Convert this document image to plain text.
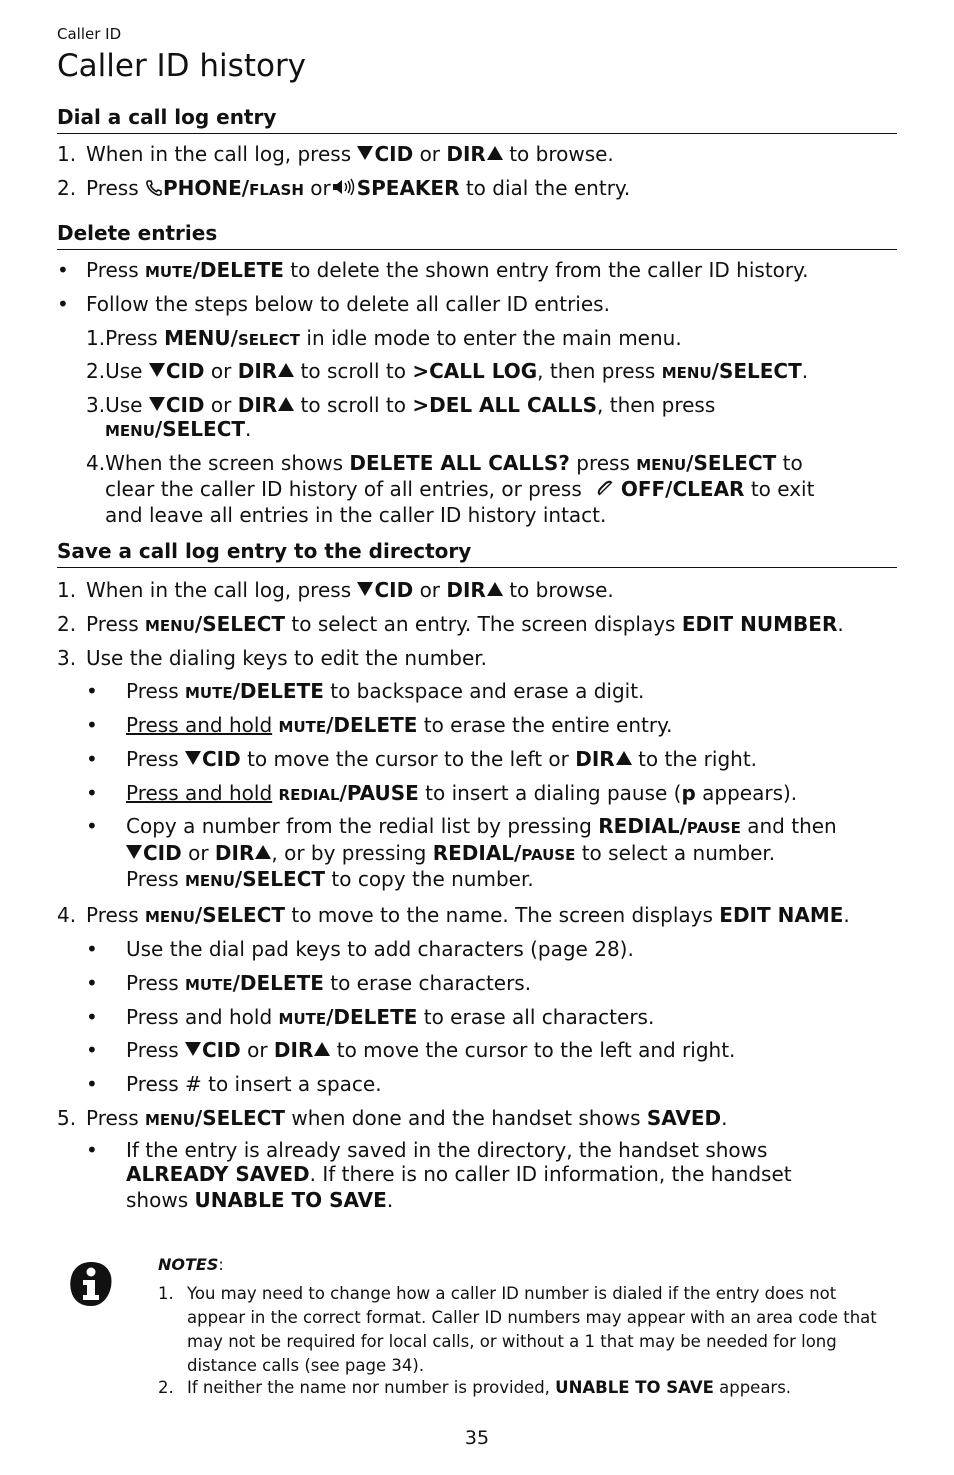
Caller ID
Caller ID history
Dial a call log entry
1. When in the call log, press CID or DIR to browse.
2. Press PHONE/FLASH or SPEAKER to dial the entry.
Delete entries
• Press MUTE/DELETE to delete the shown entry from the caller ID history.
• Follow the steps below to delete all caller ID entries.
1.Press MENU/SELECT in idle mode to enter the main menu.
2.Use CID or DIR to scroll to >CALL LOG, then press MENU/SELECT.
3.Use CID or DIR to scroll to >DEL ALL CALLS, then press
MENU/SELECT.
4.When the screen shows DELETE ALL CALLS? press MENU/SELECT to
clear the caller ID history of all entries, or press OFF/CLEAR to exit
and leave all entries in the caller ID history intact.
Save a call log entry to the directory
1. When in the call log, press CID or DIR to browse.
2. Press MENU/SELECT to select an entry. The screen displays EDIT NUMBER.
3. Use the dialing keys to edit the number.
• Press MUTE/DELETE to backspace and erase a digit.
• Press and hold MUTE/DELETE to erase the entire entry.
• Press CID to move the cursor to the left or DIR to the right.
• Press and hold REDIAL/PAUSE to insert a dialing pause (p appears).
• Copy a number from the redial list by pressing REDIAL/PAUSE and then
CID or DIR , or by pressing REDIAL/PAUSE to select a number.
Press MENU/SELECT to copy the number.
4. Press MENU/SELECT to move to the name. The screen displays EDIT NAME.
• Use the dial pad keys to add characters (page 28).
• Press MUTE/DELETE to erase characters.
• Press and hold MUTE/DELETE to erase all characters.
• Press CID or DIR to move the cursor to the left and right.
• Press # to insert a space.
5. Press MENU/SELECT when done and the handset shows SAVED.
• If the entry is already saved in the directory, the handset shows
ALREADY SAVED. If there is no caller ID information, the handset
shows UNABLE TO SAVE.
NOTES:
1. You may need to change how a caller ID number is dialed if the entry does not appear in the correct format. Caller ID numbers may appear with an area code that may not be required for local calls, or without a 1 that may be needed for long distance calls (see page 34).
2. If neither the name nor number is provided, UNABLE TO SAVE appears.
35
